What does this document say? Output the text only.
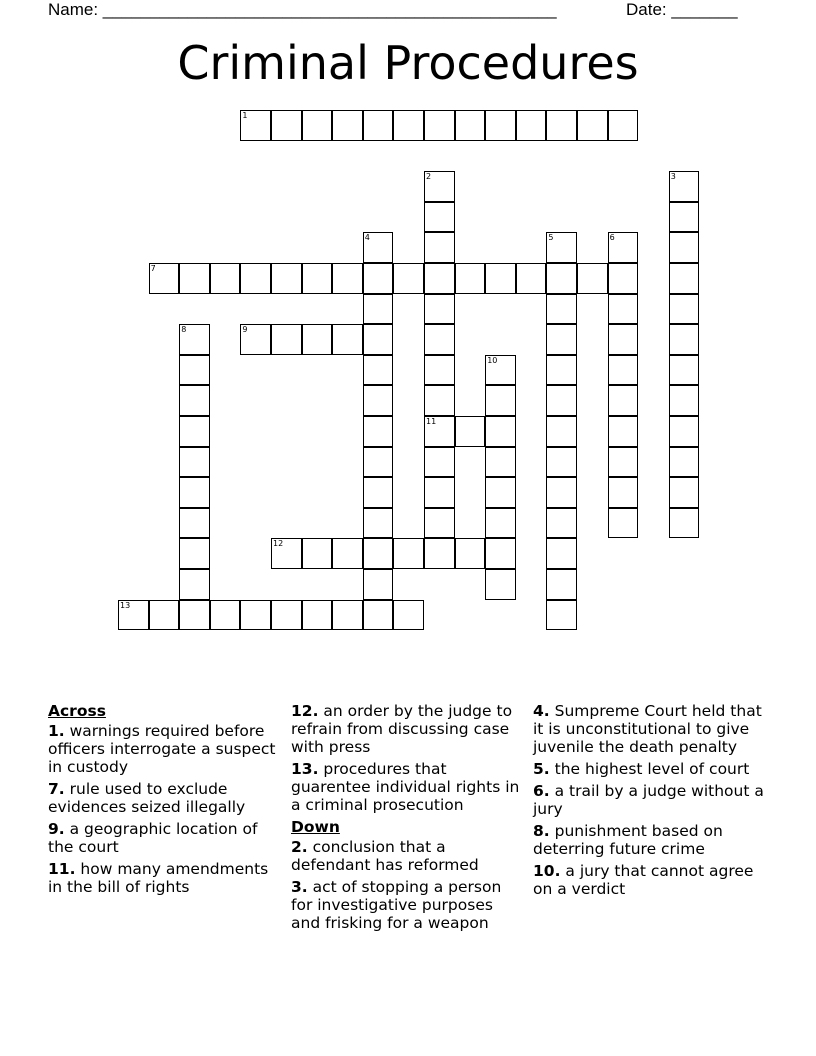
Name: ________________________________________________	Date: _______
Criminal Procedures
1
2
11
3
4	5	6
7
8	9
10
12
13
Across
1. warnings required before officers interrogate a suspect in custody
7. rule used to exclude evidences seized illegally
9. a geographic location of the court
11. how many amendments in the bill of rights
12. an order by the judge to refrain from discussing case with press
13. procedures that guarentee individual rights in a criminal prosecution
Down
2. conclusion that a defendant has reformed
3. act of stopping a person for investigative purposes and frisking for a weapon
4. Sumpreme Court held that it is unconstitutional to give juvenile the death penalty
5. the highest level of court
6. a trail by a judge without a jury
8. punishment based on deterring future crime
10. a jury that cannot agree on a verdict
